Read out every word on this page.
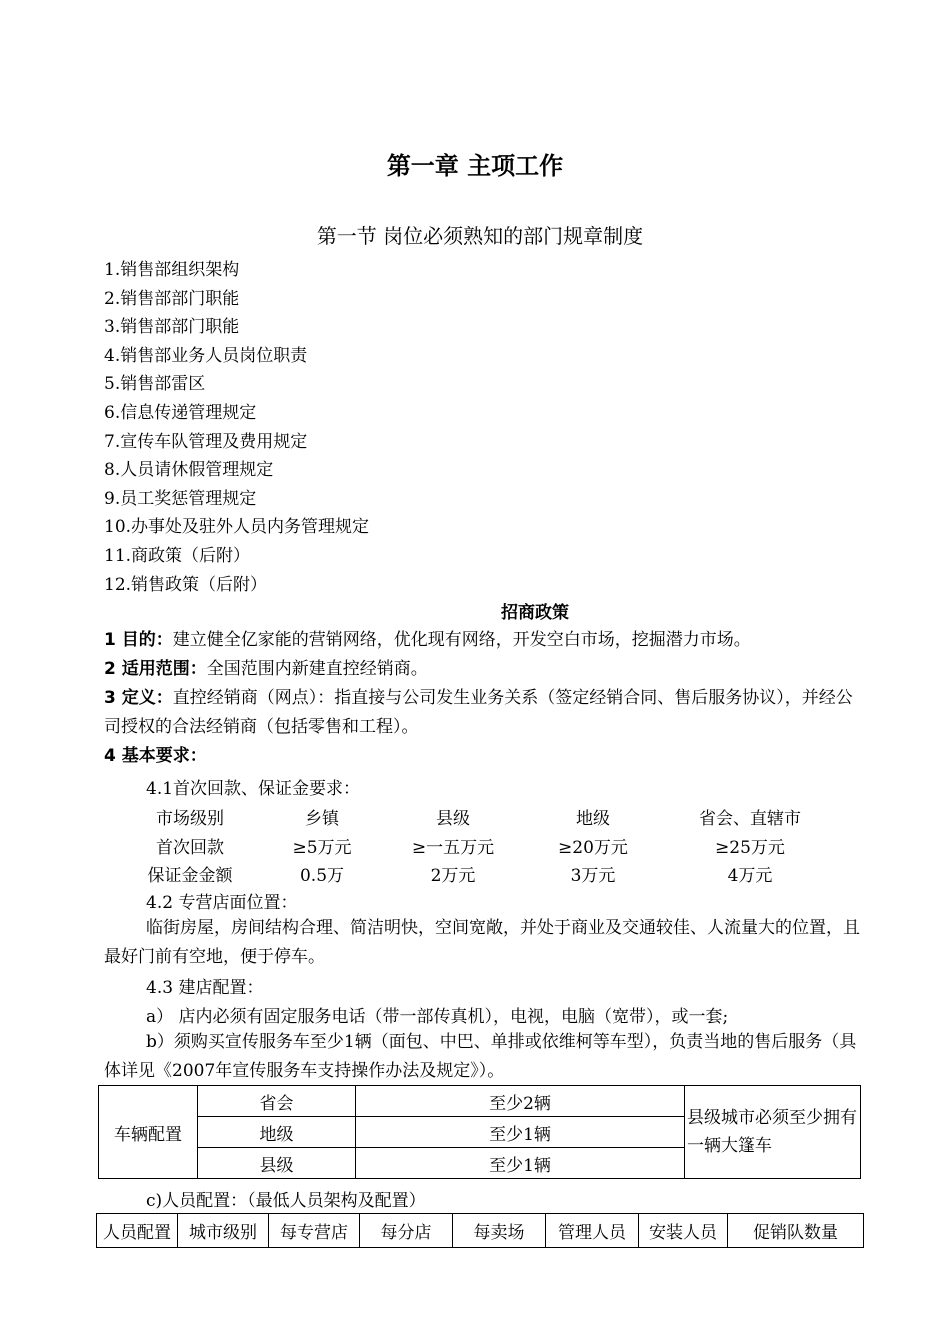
第一章 主项工作
第一节 岗位必须熟知的部门规章制度
1.销售部组织架构
2.销售部部门职能
3.销售部部门职能
4.销售部业务人员岗位职责
5.销售部雷区
6.信息传递管理规定
7.宣传车队管理及费用规定
8.人员请休假管理规定
9.员工奖惩管理规定
10.办事处及驻外人员内务管理规定
11.商政策（后附）
12.销售政策（后附）
招商政策
1 目的：建立健全亿家能的营销网络，优化现有网络，开发空白市场，挖掘潜力市场。
2 适用范围：全国范围内新建直控经销商。
3 定义：直控经销商（网点）：指直接与公司发生业务关系（签定经销合同、售后服务协议），并经公司授权的合法经销商（包括零售和工程）。
4 基本要求：
4.1首次回款、保证金要求：
市场级别	乡镇	县级	地级	省会、直辖市
首次回款	≥5万元	≥一五万元	≥20万元	≥25万元
保证金金额	0.5万	2万元	3万元	4万元
4.2 专营店面位置：
临街房屋，房间结构合理、简洁明快，空间宽敞，并处于商业及交通较佳、人流量大的位置，且最好门前有空地，便于停车。
4.3 建店配置：
a） 店内必须有固定服务电话（带一部传真机），电视，电脑（宽带），或一套;
b）须购买宣传服务车至少1辆（面包、中巴、单排或依维柯等车型），负责当地的售后服务（具体详见《2007年宣传服务车支持操作办法及规定》）。
车辆配置	省会	至少2辆	县级城市必须至少拥有一辆大篷车
	地级	至少1辆	
	县级	至少1辆	
c)人员配置：（最低人员架构及配置）
人员配置	城市级别	每专营店	每分店	每卖场	管理人员	安装人员	促销队数量
